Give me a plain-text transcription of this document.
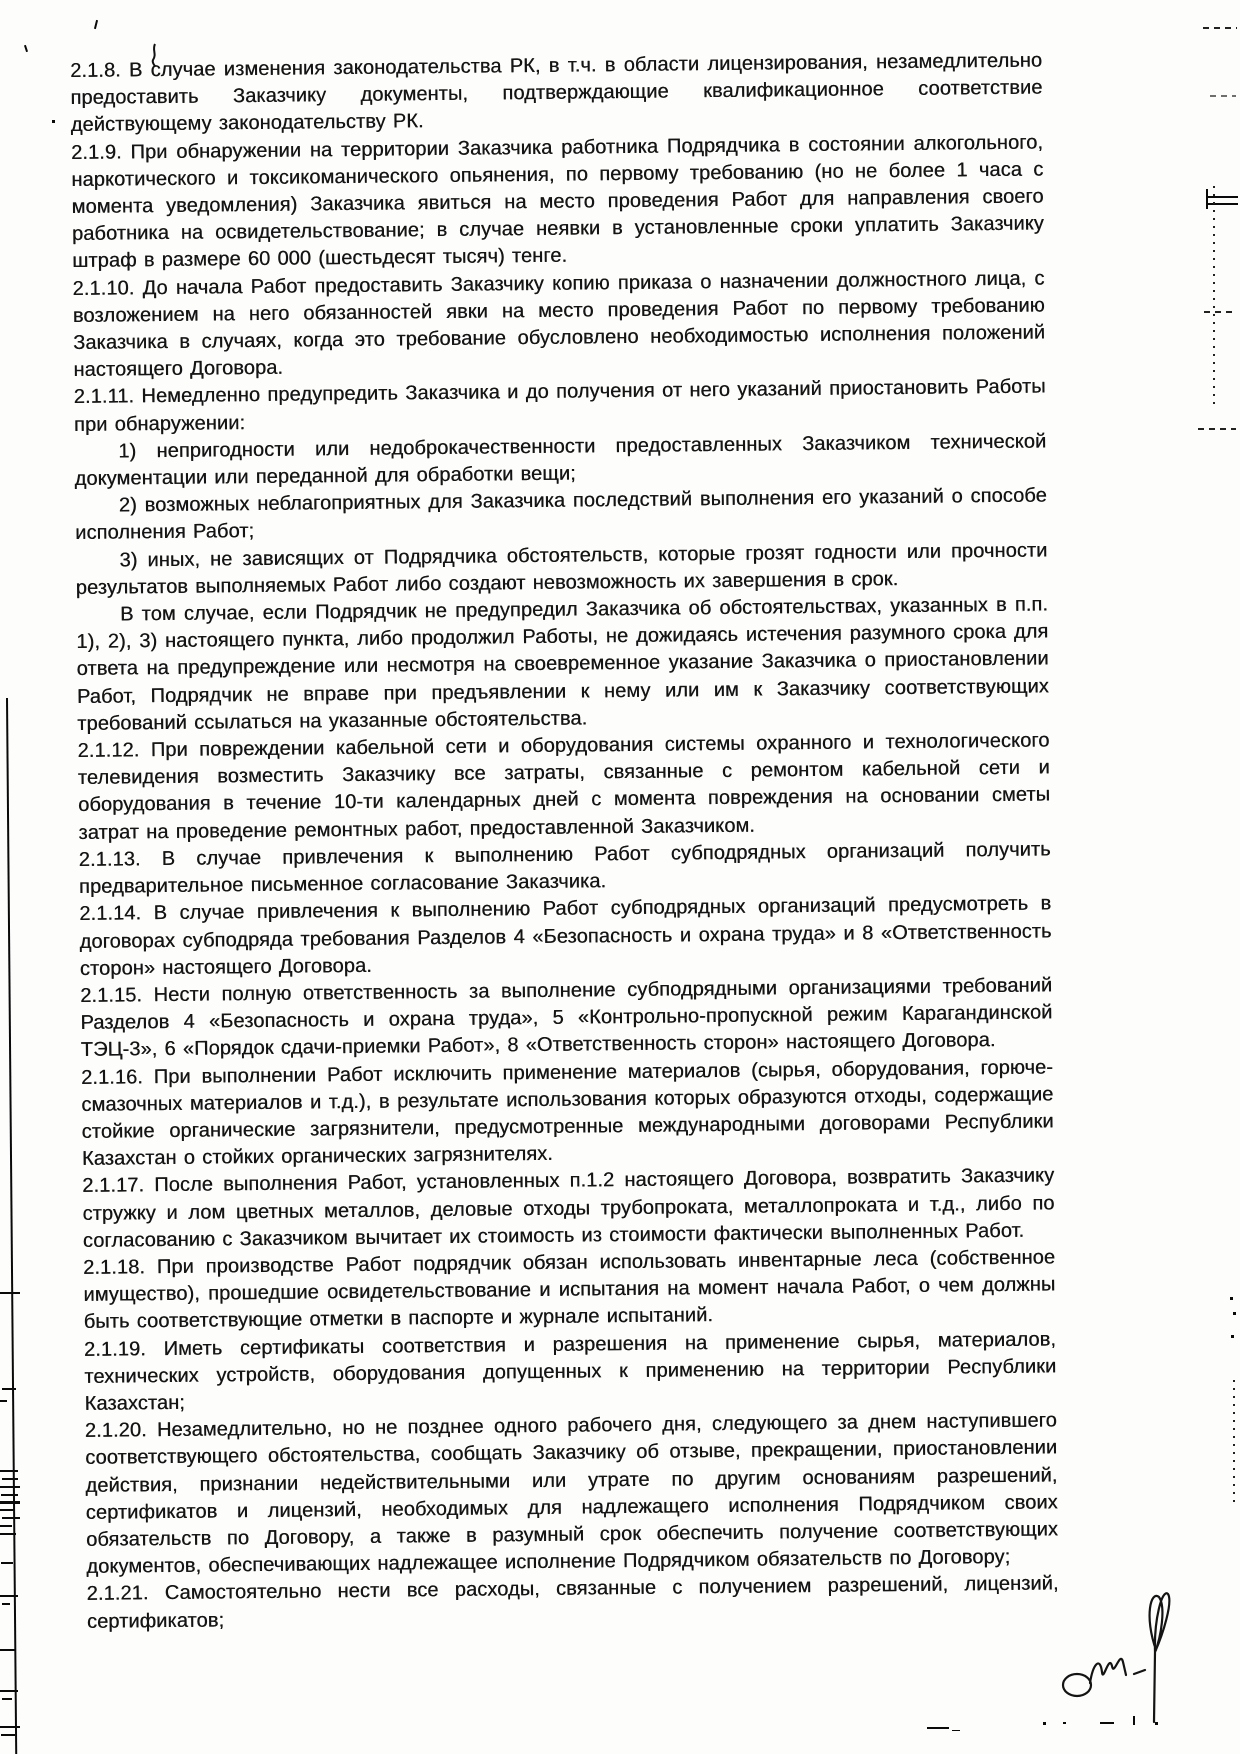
2.1.8. В случае изменения законодательства РК, в т.ч. в области лицензирования, незамедлительно предоставить Заказчику документы, подтверждающие квалификационное соответствие действующему законодательству РК.

2.1.9. При обнаружении на территории Заказчика работника Подрядчика в состоянии алкогольного, наркотического и токсикоманического опьянения, по первому требованию (но не более 1 часа с момента уведомления) Заказчика явиться на место проведения Работ для направления своего работника на освидетельствование; в случае неявки в установленные сроки уплатить Заказчику штраф в размере 60 000 (шестьдесят тысяч) тенге.

2.1.10. До начала Работ предоставить Заказчику копию приказа о назначении должностного лица, с возложением на него обязанностей явки на место проведения Работ по первому требованию Заказчика в случаях, когда это требование обусловлено необходимостью исполнения положений настоящего Договора.

2.1.11. Немедленно предупредить Заказчика и до получения от него указаний приостановить Работы при обнаружении:

1) непригодности или недоброкачественности предоставленных Заказчиком технической документации или переданной для обработки вещи;

2) возможных неблагоприятных для Заказчика последствий выполнения его указаний о способе исполнения Работ;

3) иных, не зависящих от Подрядчика обстоятельств, которые грозят годности или прочности результатов выполняемых Работ либо создают невозможность их завершения в срок.

В том случае, если Подрядчик не предупредил Заказчика об обстоятельствах, указанных в п.п. 1), 2), 3) настоящего пункта, либо продолжил Работы, не дожидаясь истечения разумного срока для ответа на предупреждение или несмотря на своевременное указание Заказчика о приостановлении Работ, Подрядчик не вправе при предъявлении к нему или им к Заказчику соответствующих требований ссылаться на указанные обстоятельства.

2.1.12. При повреждении кабельной сети и оборудования системы охранного и технологического телевидения возместить Заказчику все затраты, связанные с ремонтом кабельной сети и оборудования в течение 10-ти календарных дней с момента повреждения на основании сметы затрат на проведение ремонтных работ, предоставленной Заказчиком.

2.1.13. В случае привлечения к выполнению Работ субподрядных организаций получить предварительное письменное согласование Заказчика.

2.1.14. В случае привлечения к выполнению Работ субподрядных организаций предусмотреть в договорах субподряда требования Разделов 4 «Безопасность и охрана труда» и 8 «Ответственность сторон» настоящего Договора.

2.1.15. Нести полную ответственность за выполнение субподрядными организациями требований Разделов 4 «Безопасность и охрана труда», 5 «Контрольно-пропускной режим Карагандинской ТЭЦ-3», 6 «Порядок сдачи-приемки Работ», 8 «Ответственность сторон» настоящего Договора.

2.1.16. При выполнении Работ исключить применение материалов (сырья, оборудования, горюче-смазочных материалов и т.д.), в результате использования которых образуются отходы, содержащие стойкие органические загрязнители, предусмотренные международными договорами Республики Казахстан о стойких органических загрязнителях.

2.1.17. После выполнения Работ, установленных п.1.2 настоящего Договора, возвратить Заказчику стружку и лом цветных металлов, деловые отходы трубопроката, металлопроката и т.д., либо по согласованию с Заказчиком вычитает их стоимость из стоимости фактически выполненных Работ.

2.1.18. При производстве Работ подрядчик обязан использовать инвентарные леса (собственное имущество), прошедшие освидетельствование и испытания на момент начала Работ, о чем должны быть соответствующие отметки в паспорте и журнале испытаний.

2.1.19. Иметь сертификаты соответствия и разрешения на применение сырья, материалов, технических устройств, оборудования допущенных к применению на территории Республики Казахстан;

2.1.20. Незамедлительно, но не позднее одного рабочего дня, следующего за днем наступившего соответствующего обстоятельства, сообщать Заказчику об отзыве, прекращении, приостановлении действия, признании недействительными или утрате по другим основаниям разрешений, сертификатов и лицензий, необходимых для надлежащего исполнения Подрядчиком своих обязательств по Договору, а также в разумный срок обеспечить получение соответствующих документов, обеспечивающих надлежащее исполнение Подрядчиком обязательств по Договору;

2.1.21. Самостоятельно нести все расходы, связанные с получением разрешений, лицензий, сертификатов;
